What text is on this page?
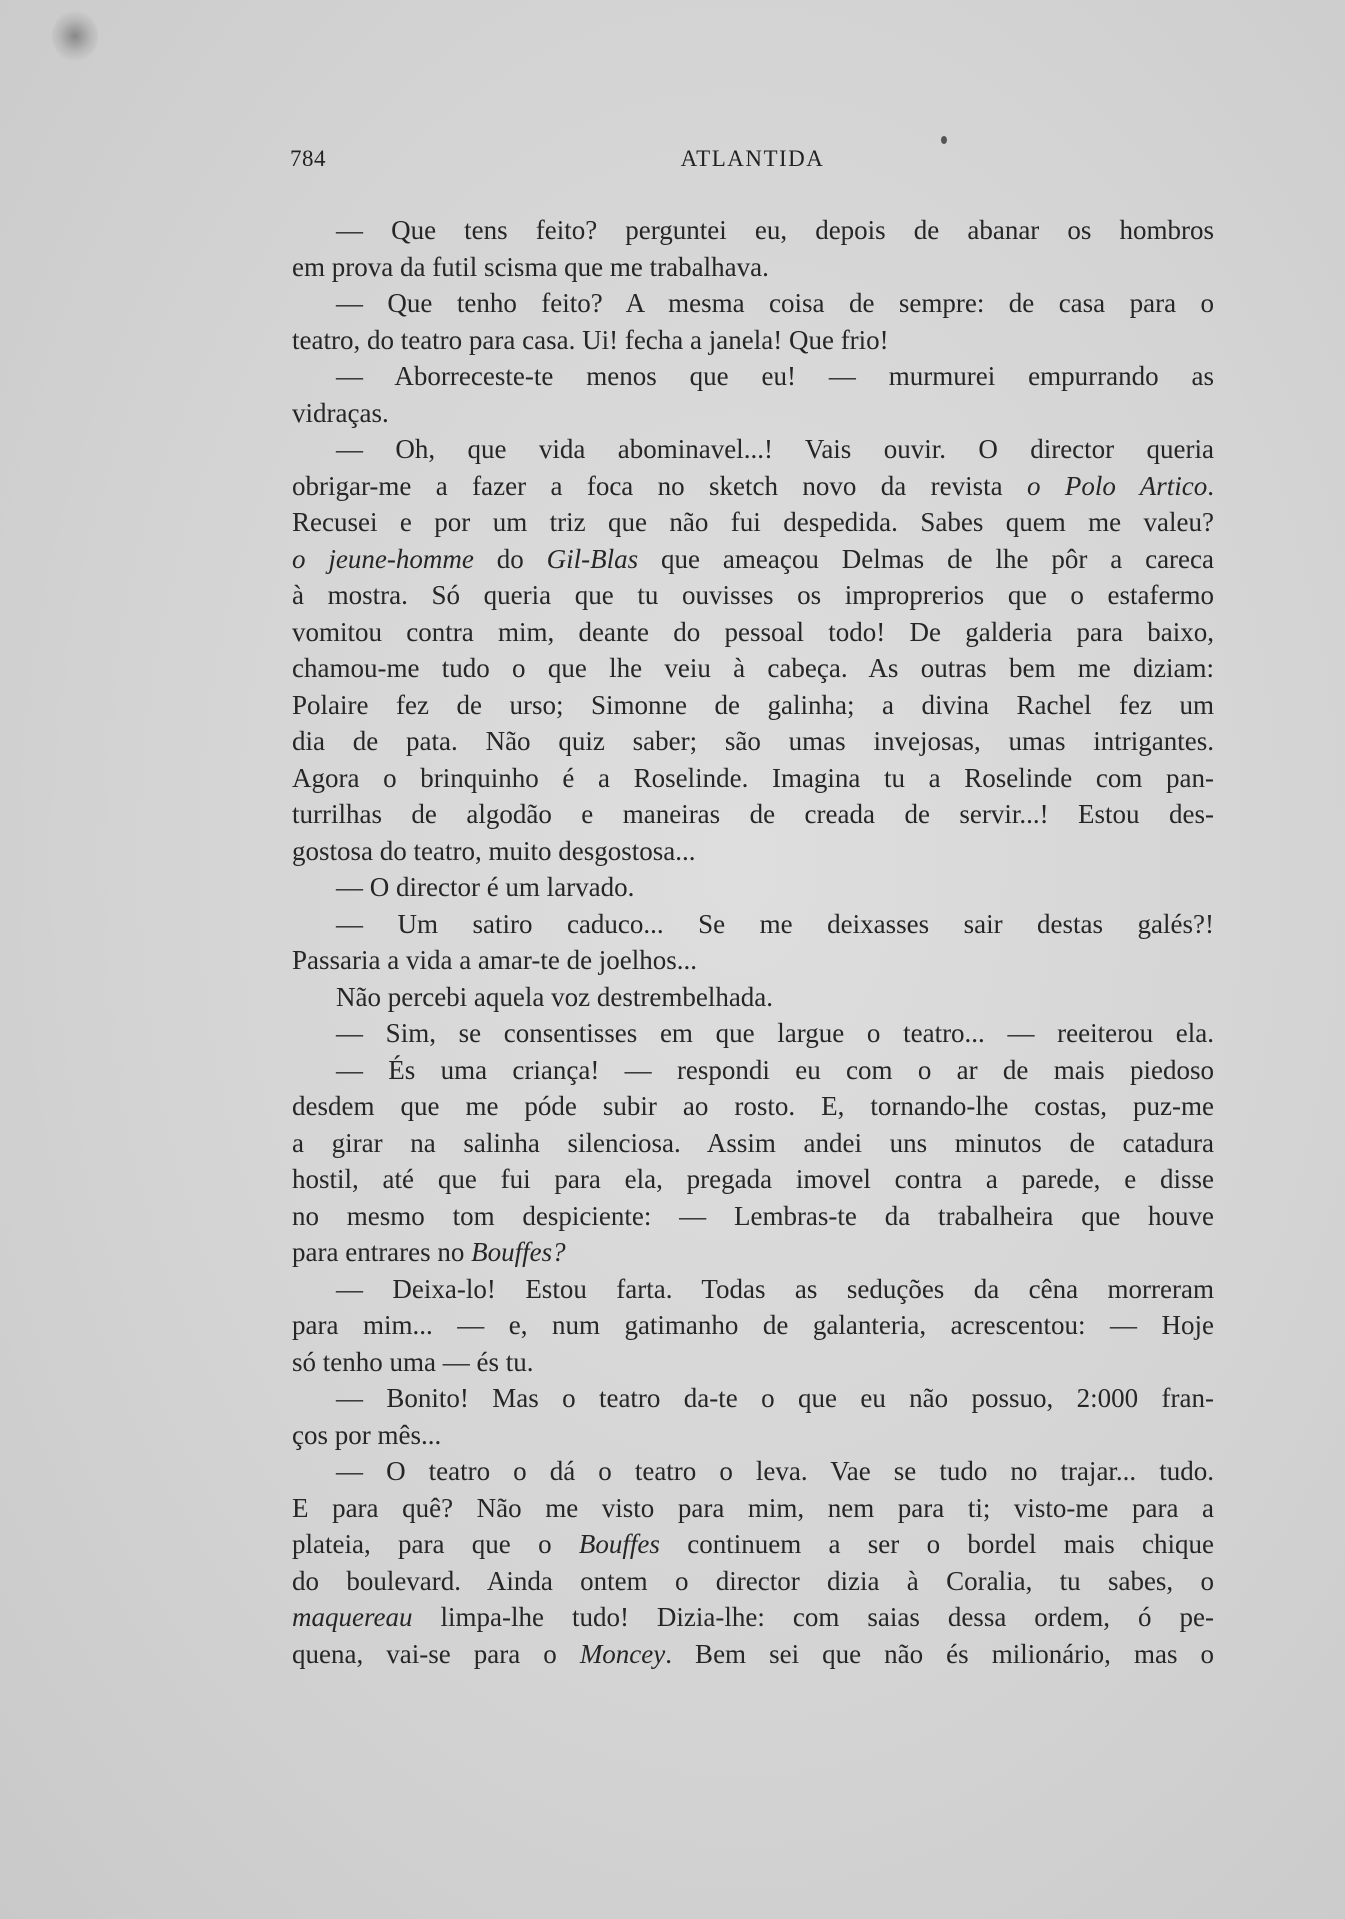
784	ATLANTIDA
— Que tens feito? perguntei eu, depois de abanar os hombros
em prova da futil scisma que me trabalhava.
— Que tenho feito? A mesma coisa de sempre: de casa para o
teatro, do teatro para casa. Ui! fecha a janela! Que frio!
— Aborreceste-te menos que eu! — murmurei empurrando as
vidraças.
— Oh, que vida abominavel...! Vais ouvir. O director queria
obrigar-me a fazer a foca no sketch novo da revista o Polo Artico.
Recusei e por um triz que não fui despedida. Sabes quem me valeu?
o jeune-homme do Gil-Blas que ameaçou Delmas de lhe pôr a careca
à mostra. Só queria que tu ouvisses os improprerios que o estafermo
vomitou contra mim, deante do pessoal todo! De galderia para baixo,
chamou-me tudo o que lhe veiu à cabeça. As outras bem me diziam:
Polaire fez de urso; Simonne de galinha; a divina Rachel fez um
dia de pata. Não quiz saber; são umas invejosas, umas intrigantes.
Agora o brinquinho é a Roselinde. Imagina tu a Roselinde com pan-
turrilhas de algodão e maneiras de creada de servir...! Estou des-
gostosa do teatro, muito desgostosa...
— O director é um larvado.
— Um satiro caduco... Se me deixasses sair destas galés?!
Passaria a vida a amar-te de joelhos...
Não percebi aquela voz destrembelhada.
— Sim, se consentisses em que largue o teatro... — reeiterou ela.
— És uma criança! — respondi eu com o ar de mais piedoso
desdem que me póde subir ao rosto. E, tornando-lhe costas, puz-me
a girar na salinha silenciosa. Assim andei uns minutos de catadura
hostil, até que fui para ela, pregada imovel contra a parede, e disse
no mesmo tom despiciente: — Lembras-te da trabalheira que houve
para entrares no Bouffes?
— Deixa-lo! Estou farta. Todas as seduções da cêna morreram
para mim... — e, num gatimanho de galanteria, acrescentou: — Hoje
só tenho uma — és tu.
— Bonito! Mas o teatro da-te o que eu não possuo, 2:000 fran-
ços por mês...
— O teatro o dá o teatro o leva. Vae se tudo no trajar... tudo.
E para quê? Não me visto para mim, nem para ti; visto-me para a
plateia, para que o Bouffes continuem a ser o bordel mais chique
do boulevard. Ainda ontem o director dizia à Coralia, tu sabes, o
maquereau limpa-lhe tudo! Dizia-lhe: com saias dessa ordem, ó pe-
quena, vai-se para o Moncey. Bem sei que não és milionário, mas o
